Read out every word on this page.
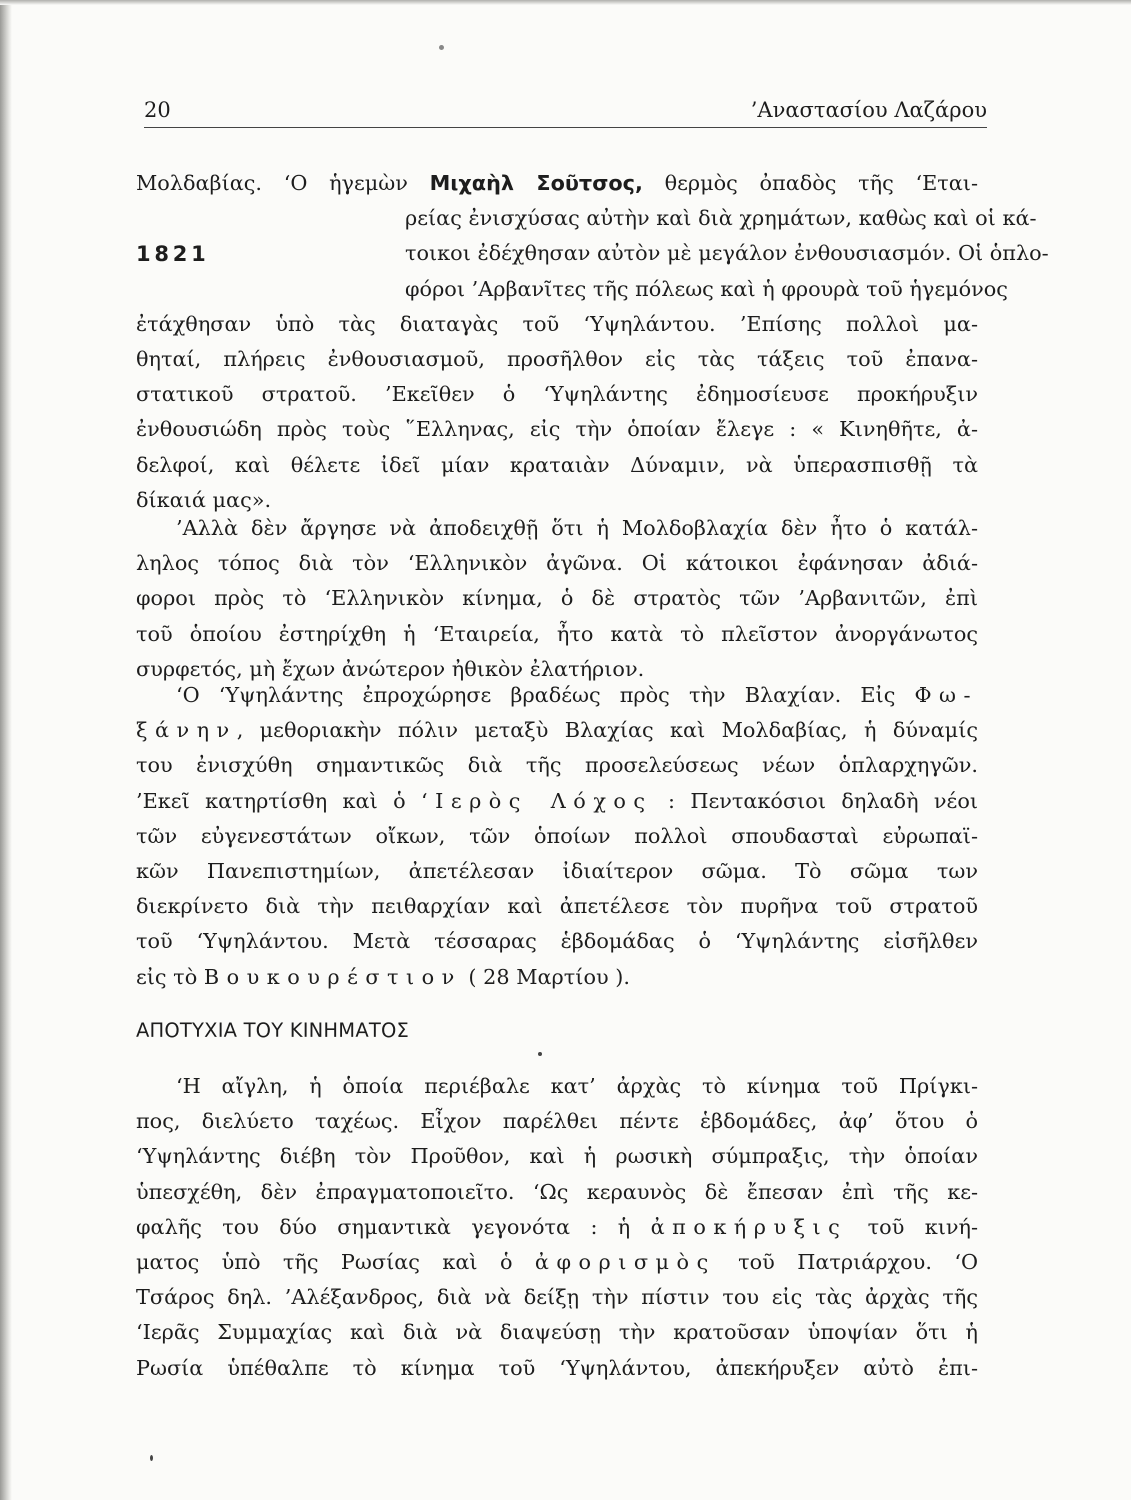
20	’Αναστασίου Λαζάρου
1821
Μολδαβίας. ‘Ο ἡγεμὼν Μιχαὴλ Σοῦτσος, θερμὸς ὀπαδὸς τῆς ‘Εται-
ρείας ἐνισχύσας αὐτὴν καὶ διὰ χρημάτων, καθὼς καὶ οἱ κά-
τοικοι ἐδέχθησαν αὐτὸν μὲ μεγάλον ἐνθουσιασμόν. Οἱ ὁπλο-
φόροι ’Αρβανῖτες τῆς πόλεως καὶ ἡ φρουρὰ τοῦ ἡγεμόνος
ἐτάχθησαν ὑπὸ τὰς διαταγὰς τοῦ ‘Υψηλάντου. ’Επίσης πολλοὶ μα-
θηταί, πλήρεις ἐνθουσιασμοῦ, προσῆλθον εἰς τὰς τάξεις τοῦ ἐπανα-
στατικοῦ στρατοῦ. ’Εκεῖθεν ὁ ‘Υψηλάντης ἐδημοσίευσε προκήρυξιν
ἐνθουσιώδη πρὸς τοὺς ῞Ελληνας, εἰς τὴν ὁποίαν ἔλεγε : « Κινηθῆτε, ἀ-
δελφοί, καὶ θέλετε ἰδεῖ μίαν κραταιὰν Δύναμιν, νὰ ὑπερασπισθῇ τὰ
δίκαιά μας».
’Αλλὰ δὲν ἄργησε νὰ ἀποδειχθῇ ὅτι ἡ Μολδοβλαχία δὲν ἦτο ὁ κατάλ-
ληλος τόπος διὰ τὸν ‘Ελληνικὸν ἀγῶνα. Οἱ κάτοικοι ἐφάνησαν ἀδιά-
φοροι πρὸς τὸ ‘Ελληνικὸν κίνημα, ὁ δὲ στρατὸς τῶν ’Αρβανιτῶν, ἐπὶ
τοῦ ὁποίου ἐστηρίχθη ἡ ‘Εταιρεία, ἦτο κατὰ τὸ πλεῖστον ἀνοργάνωτος
συρφετός, μὴ ἔχων ἀνώτερον ἠθικὸν ἐλατήριον.
‘Ο ‘Υψηλάντης ἐπροχώρησε βραδέως πρὸς τὴν Βλαχίαν. Εἰς Φω-
ξάνην, μεθοριακὴν πόλιν μεταξὺ Βλαχίας καὶ Μολδαβίας, ἡ δύναμίς
του ἐνισχύθη σημαντικῶς διὰ τῆς προσελεύσεως νέων ὁπλαρχηγῶν.
’Εκεῖ κατηρτίσθη καὶ ὁ ‘Ιερὸς Λόχος : Πεντακόσιοι δηλαδὴ νέοι
τῶν εὐγενεστάτων οἴκων, τῶν ὁποίων πολλοὶ σπουδασταὶ εὐρωπαϊ-
κῶν Πανεπιστημίων, ἀπετέλεσαν ἰδιαίτερον σῶμα. Τὸ σῶμα των
διεκρίνετο διὰ τὴν πειθαρχίαν καὶ ἀπετέλεσε τὸν πυρῆνα τοῦ στρατοῦ
τοῦ ‘Υψηλάντου. Μετὰ τέσσαρας ἑβδομάδας ὁ ‘Υψηλάντης εἰσῆλθεν
εἰς τὸ Βουκουρέστιον ( 28 Μαρτίου ).
ΑΠΟΤΥΧΙΑ ΤΟΥ ΚΙΝΗΜΑΤΟΣ
‘Η αἴγλη, ἡ ὁποία περιέβαλε κατ’ ἀρχὰς τὸ κίνημα τοῦ Πρίγκι-
πος, διελύετο ταχέως. Εἶχον παρέλθει πέντε ἑβδομάδες, ἀφ’ ὅτου ὁ
‘Υψηλάντης διέβη τὸν Προῦθον, καὶ ἡ ρωσικὴ σύμπραξις, τὴν ὁποίαν
ὑπεσχέθη, δὲν ἐπραγματοποιεῖτο. ‘Ως κεραυνὸς δὲ ἔπεσαν ἐπὶ τῆς κε-
φαλῆς του δύο σημαντικὰ γεγονότα : ἡ ἀποκήρυξις τοῦ κινή-
ματος ὑπὸ τῆς Ρωσίας καὶ ὁ ἀφορισμὸς τοῦ Πατριάρχου. ‘Ο
Τσάρος δηλ. ’Αλέξανδρος, διὰ νὰ δείξῃ τὴν πίστιν του εἰς τὰς ἀρχὰς τῆς
‘Ιερᾶς Συμμαχίας καὶ διὰ νὰ διαψεύσῃ τὴν κρατοῦσαν ὑποψίαν ὅτι ἡ
Ρωσία ὑπέθαλπε τὸ κίνημα τοῦ ‘Υψηλάντου, ἀπεκήρυξεν αὐτὸ ἐπι-
